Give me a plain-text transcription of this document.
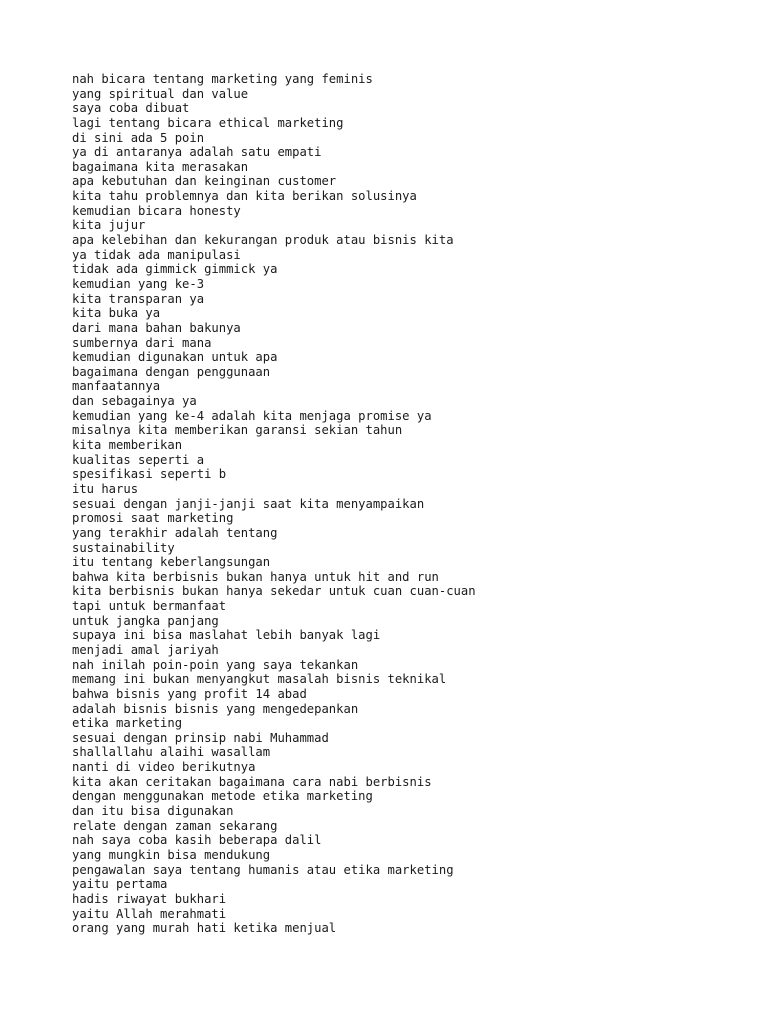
nah bicara tentang marketing yang feminis
yang spiritual dan value
saya coba dibuat
lagi tentang bicara ethical marketing
di sini ada 5 poin
ya di antaranya adalah satu empati
bagaimana kita merasakan
apa kebutuhan dan keinginan customer
kita tahu problemnya dan kita berikan solusinya
kemudian bicara honesty
kita jujur
apa kelebihan dan kekurangan produk atau bisnis kita
ya tidak ada manipulasi
tidak ada gimmick gimmick ya
kemudian yang ke-3
kita transparan ya
kita buka ya
dari mana bahan bakunya
sumbernya dari mana
kemudian digunakan untuk apa
bagaimana dengan penggunaan
manfaatannya
dan sebagainya ya
kemudian yang ke-4 adalah kita menjaga promise ya
misalnya kita memberikan garansi sekian tahun
kita memberikan
kualitas seperti a
spesifikasi seperti b
itu harus
sesuai dengan janji-janji saat kita menyampaikan
promosi saat marketing
yang terakhir adalah tentang
sustainability
itu tentang keberlangsungan
bahwa kita berbisnis bukan hanya untuk hit and run
kita berbisnis bukan hanya sekedar untuk cuan cuan-cuan
tapi untuk bermanfaat
untuk jangka panjang
supaya ini bisa maslahat lebih banyak lagi
menjadi amal jariyah
nah inilah poin-poin yang saya tekankan
memang ini bukan menyangkut masalah bisnis teknikal
bahwa bisnis yang profit 14 abad
adalah bisnis bisnis yang mengedepankan
etika marketing
sesuai dengan prinsip nabi Muhammad
shallallahu alaihi wasallam
nanti di video berikutnya
kita akan ceritakan bagaimana cara nabi berbisnis
dengan menggunakan metode etika marketing
dan itu bisa digunakan
relate dengan zaman sekarang
nah saya coba kasih beberapa dalil
yang mungkin bisa mendukung
pengawalan saya tentang humanis atau etika marketing
yaitu pertama
hadis riwayat bukhari
yaitu Allah merahmati
orang yang murah hati ketika menjual
